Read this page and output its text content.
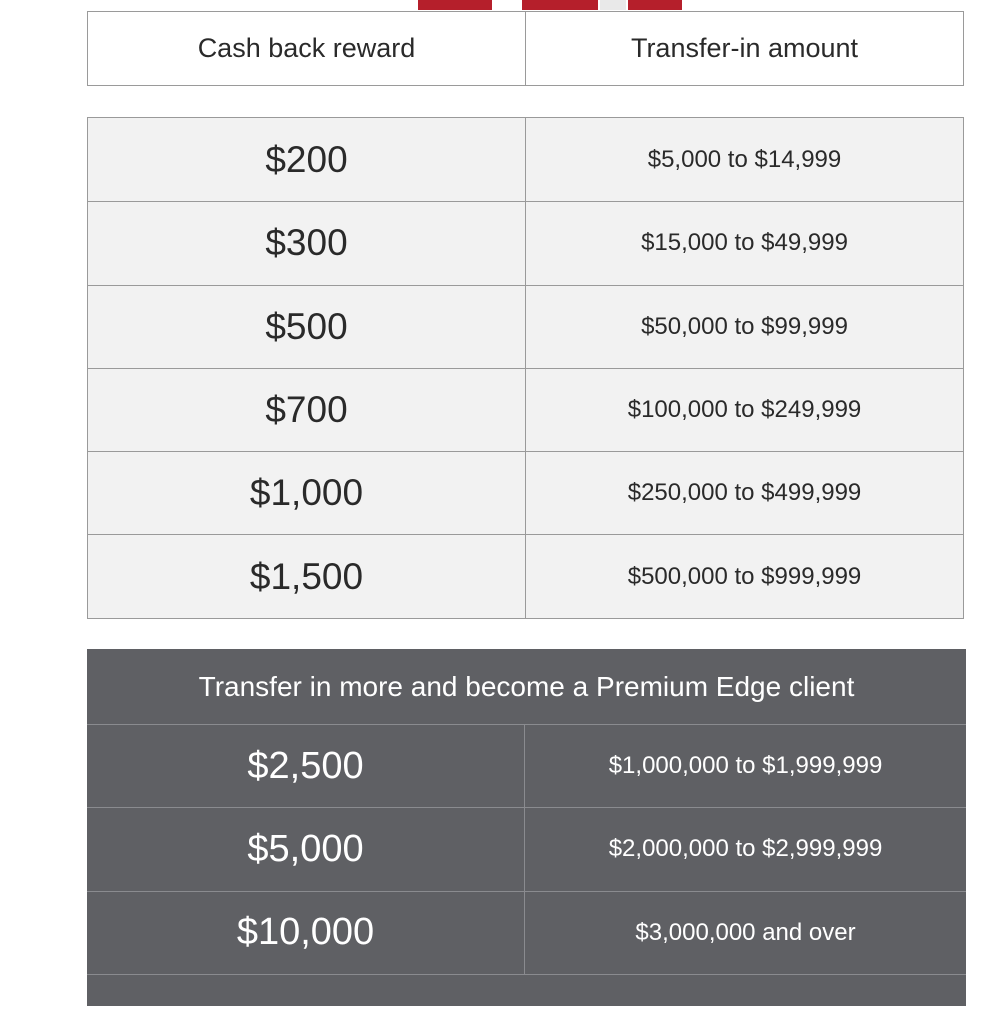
Cash back reward	Transfer-in amount
$200	$5,000 to $14,999
$300	$15,000 to $49,999
$500	$50,000 to $99,999
$700	$100,000 to $249,999
$1,000	$250,000 to $499,999
$1,500	$500,000 to $999,999
Transfer in more and become a Premium Edge client
$2,500	$1,000,000 to $1,999,999
$5,000	$2,000,000 to $2,999,999
$10,000	$3,000,000 and over
